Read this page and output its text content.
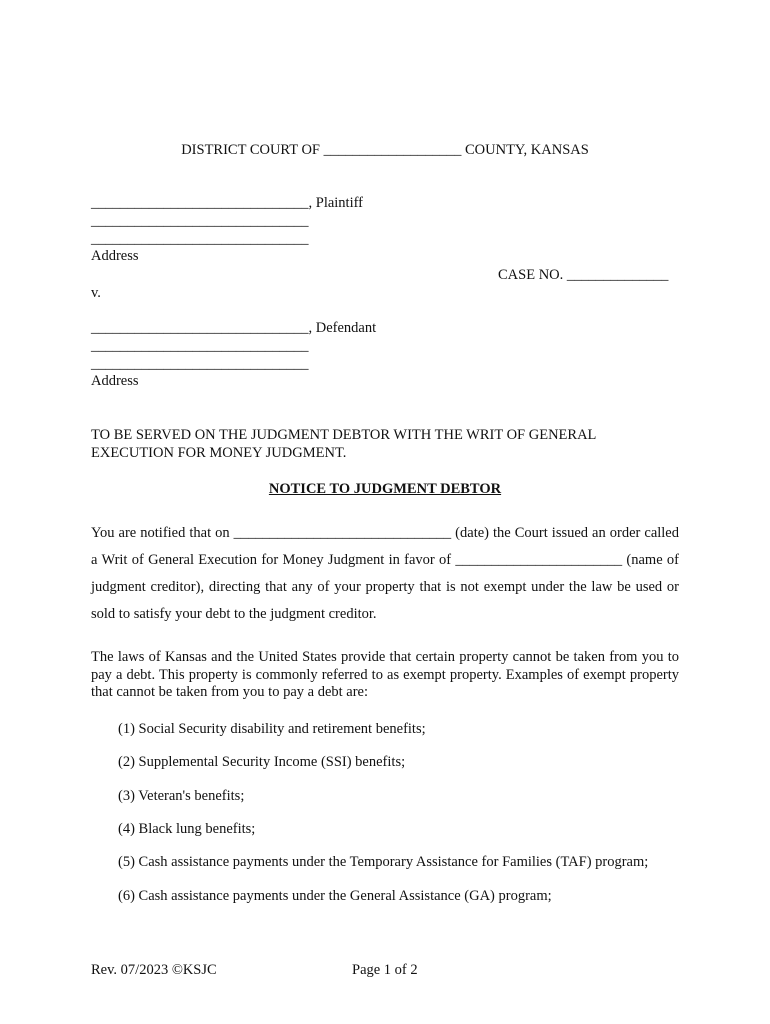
DISTRICT COURT OF ___________________ COUNTY, KANSAS
______________________________, Plaintiff
______________________________
______________________________
Address
CASE NO. ______________
v.
______________________________, Defendant
______________________________
______________________________
Address
TO BE SERVED ON THE JUDGMENT DEBTOR WITH THE WRIT OF GENERAL EXECUTION FOR MONEY JUDGMENT.
NOTICE TO JUDGMENT DEBTOR
You are notified that on ______________________________ (date) the Court issued an order called a Writ of General Execution for Money Judgment in favor of _______________________ (name of judgment creditor), directing that any of your property that is not exempt under the law be used or sold to satisfy your debt to the judgment creditor.
The laws of Kansas and the United States provide that certain property cannot be taken from you to pay a debt. This property is commonly referred to as exempt property. Examples of exempt property that cannot be taken from you to pay a debt are:
(1) Social Security disability and retirement benefits;
(2) Supplemental Security Income (SSI) benefits;
(3) Veteran's benefits;
(4) Black lung benefits;
(5) Cash assistance payments under the Temporary Assistance for Families (TAF) program;
(6) Cash assistance payments under the General Assistance (GA) program;
Rev. 07/2023 ©KSJC	Page 1 of 2
